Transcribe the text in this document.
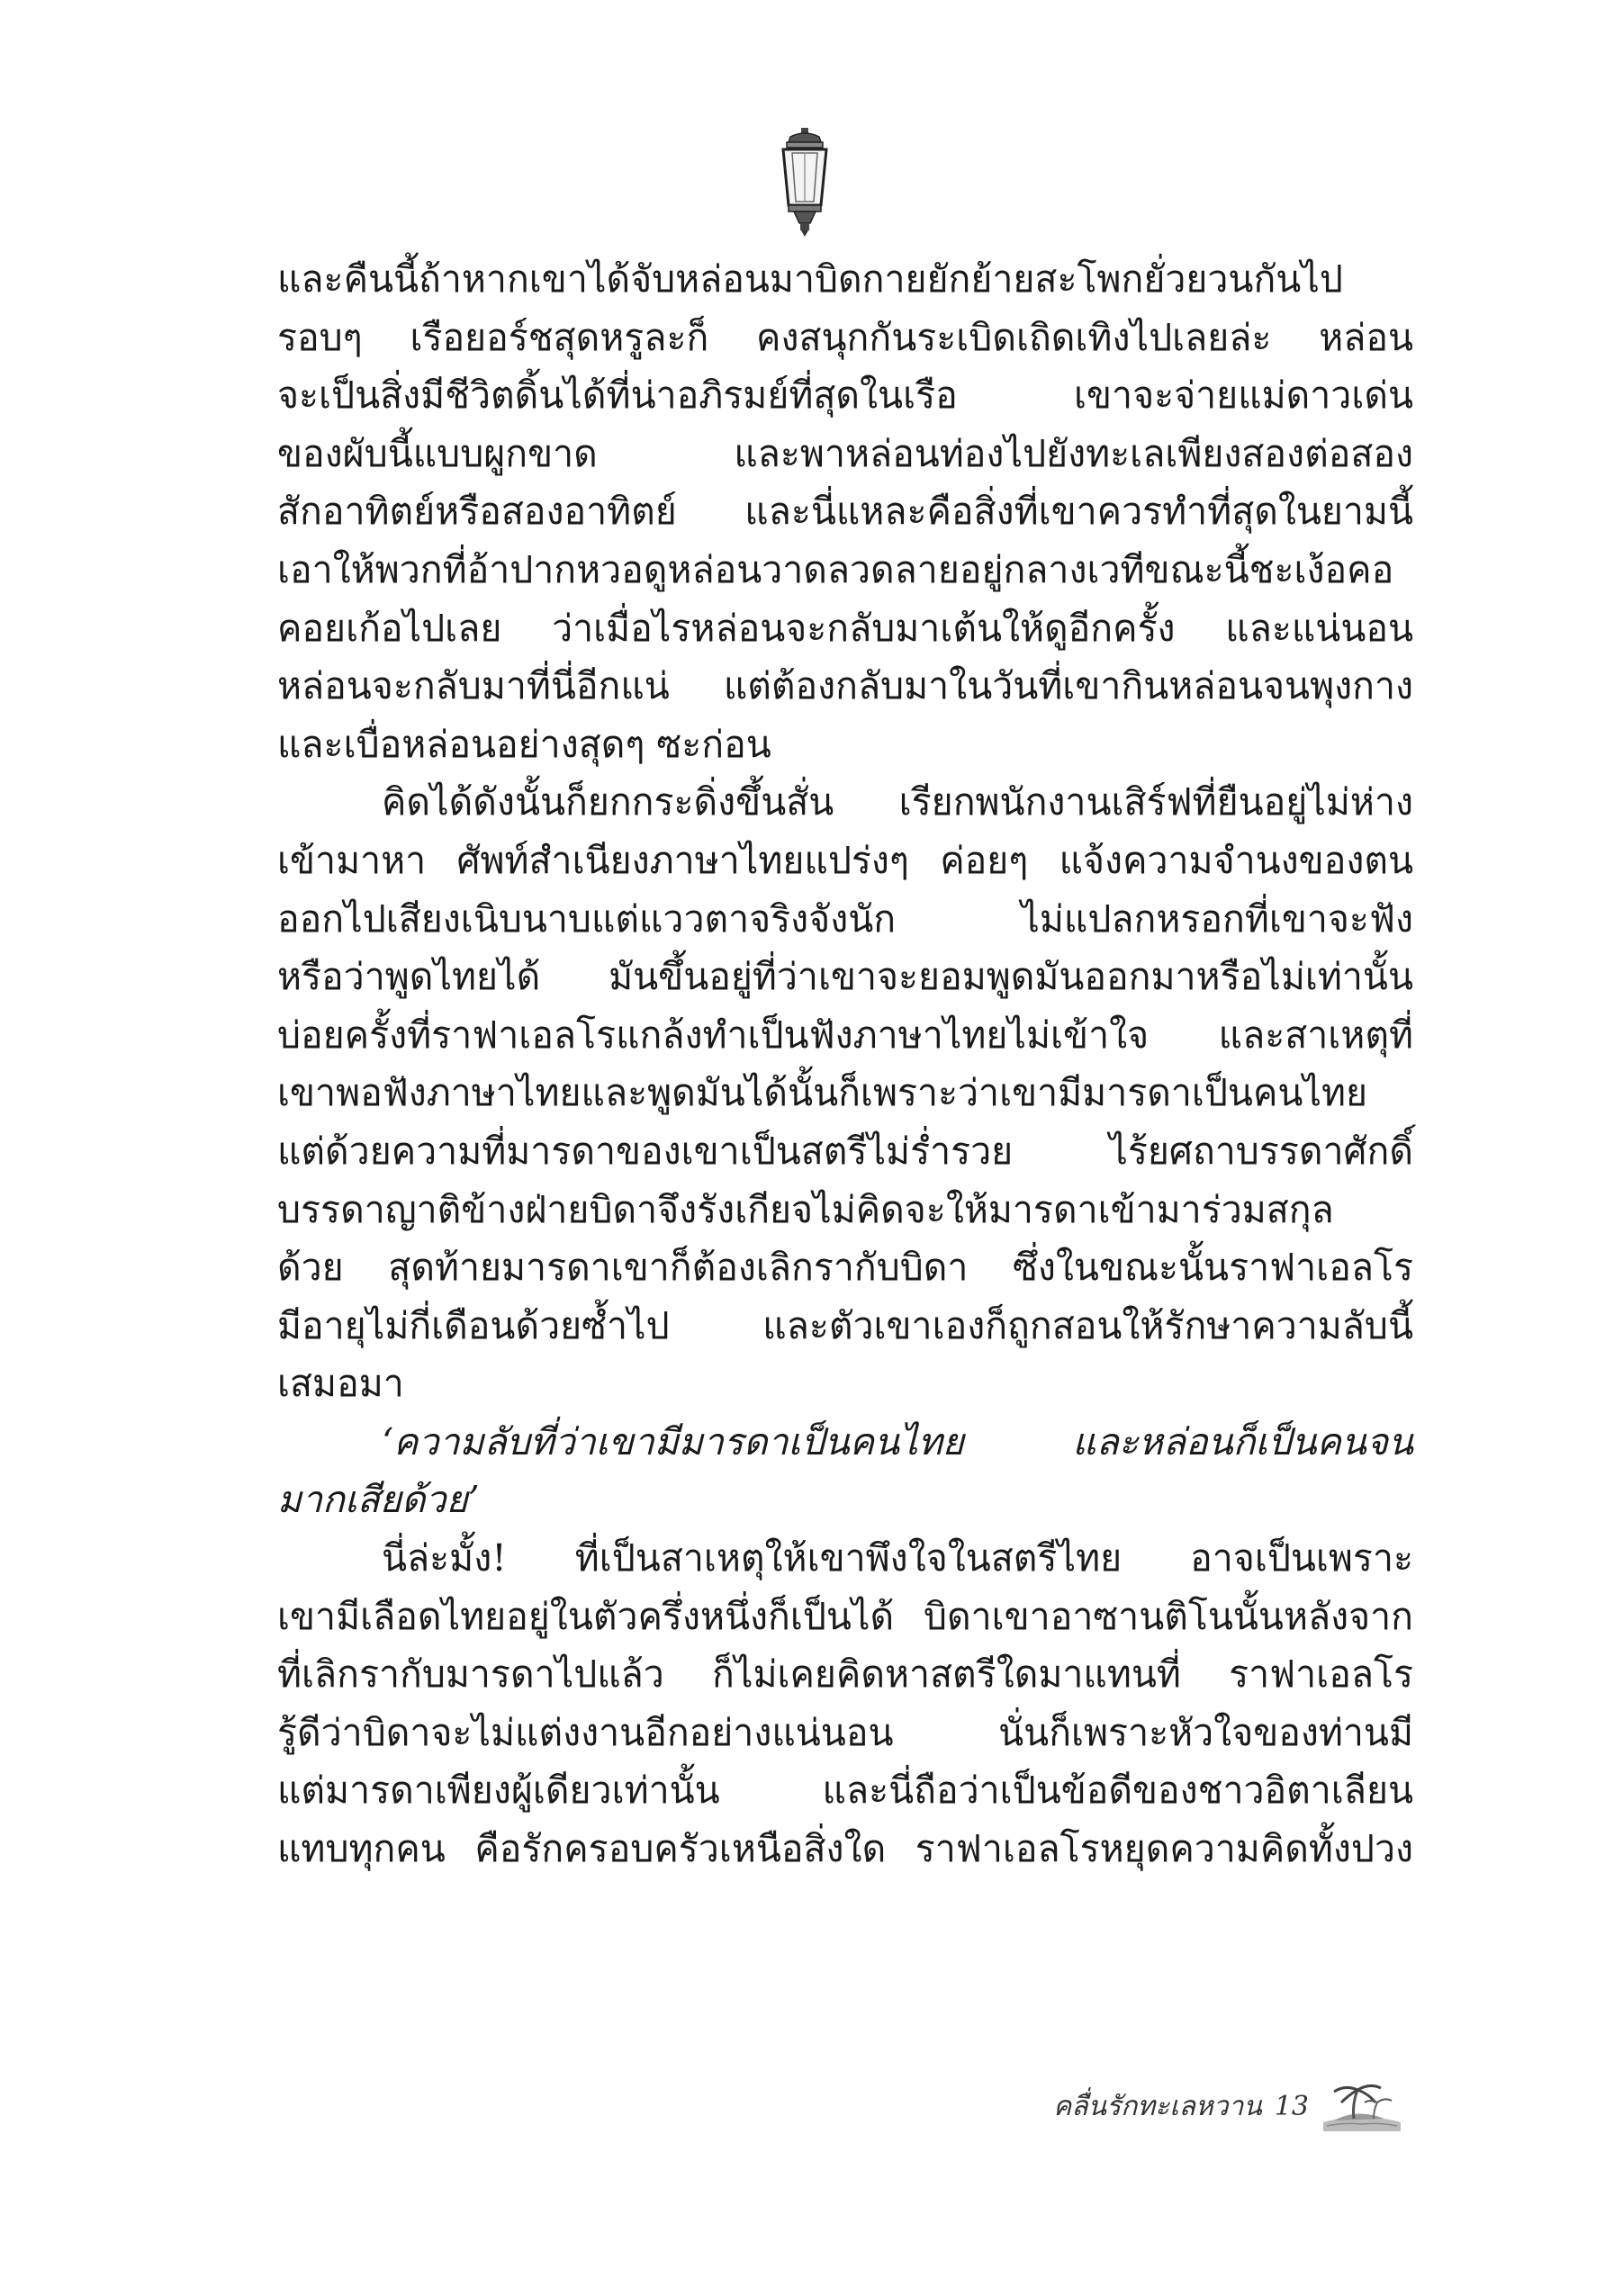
และคืนนี้ถ้าหากเขาได้จับหล่อนมาบิดกายยักย้ายสะโพกยั่วยวนกันไป
รอบๆ เรือยอร์ชสุดหรูละก็ คงสนุกกันระเบิดเถิดเทิงไปเลยล่ะ หล่อน
จะเป็นสิ่งมีชีวิตดิ้นได้ที่น่าอภิรมย์ที่สุดในเรือ เขาจะจ่ายแม่ดาวเด่น
ของผับนี้แบบผูกขาด และพาหล่อนท่องไปยังทะเลเพียงสองต่อสอง
สักอาทิตย์หรือสองอาทิตย์ และนี่แหละคือสิ่งที่เขาควรทำที่สุดในยามนี้
เอาให้พวกที่อ้าปากหวอดูหล่อนวาดลวดลายอยู่กลางเวทีขณะนี้ชะเง้อคอ
คอยเก้อไปเลย ว่าเมื่อไรหล่อนจะกลับมาเต้นให้ดูอีกครั้ง และแน่นอน
หล่อนจะกลับมาที่นี่อีกแน่ แต่ต้องกลับมาในวันที่เขากินหล่อนจนพุงกาง
และเบื่อหล่อนอย่างสุดๆ ซะก่อน
คิดได้ดังนั้นก็ยกกระดิ่งขึ้นสั่น เรียกพนักงานเสิร์ฟที่ยืนอยู่ไม่ห่าง
เข้ามาหา ศัพท์สำเนียงภาษาไทยแปร่งๆ ค่อยๆ แจ้งความจำนงของตน
ออกไปเสียงเนิบนาบแต่แววตาจริงจังนัก ไม่แปลกหรอกที่เขาจะฟัง
หรือว่าพูดไทยได้ มันขึ้นอยู่ที่ว่าเขาจะยอมพูดมันออกมาหรือไม่เท่านั้น
บ่อยครั้งที่ราฟาเอลโรแกล้งทำเป็นฟังภาษาไทยไม่เข้าใจ และสาเหตุที่
เขาพอฟังภาษาไทยและพูดมันได้นั้นก็เพราะว่าเขามีมารดาเป็นคนไทย
แต่ด้วยความที่มารดาของเขาเป็นสตรีไม่ร่ำรวย ไร้ยศถาบรรดาศักดิ์
บรรดาญาติข้างฝ่ายบิดาจึงรังเกียจไม่คิดจะให้มารดาเข้ามาร่วมสกุล
ด้วย สุดท้ายมารดาเขาก็ต้องเลิกรากับบิดา ซึ่งในขณะนั้นราฟาเอลโร
มีอายุไม่กี่เดือนด้วยซ้ำไป และตัวเขาเองก็ถูกสอนให้รักษาความลับนี้
เสมอมา
‘ความลับที่ว่าเขามีมารดาเป็นคนไทย และหล่อนก็เป็นคนจน
มากเสียด้วย’
นี่ล่ะมั้ง! ที่เป็นสาเหตุให้เขาพึงใจในสตรีไทย อาจเป็นเพราะ
เขามีเลือดไทยอยู่ในตัวครึ่งหนึ่งก็เป็นได้ บิดาเขาอาซานติโนนั้นหลังจาก
ที่เลิกรากับมารดาไปแล้ว ก็ไม่เคยคิดหาสตรีใดมาแทนที่ ราฟาเอลโร
รู้ดีว่าบิดาจะไม่แต่งงานอีกอย่างแน่นอน นั่นก็เพราะหัวใจของท่านมี
แต่มารดาเพียงผู้เดียวเท่านั้น และนี่ถือว่าเป็นข้อดีของชาวอิตาเลียน
แทบทุกคน คือรักครอบครัวเหนือสิ่งใด ราฟาเอลโรหยุดความคิดทั้งปวง
คลื่นรักทะเลหวาน 13
